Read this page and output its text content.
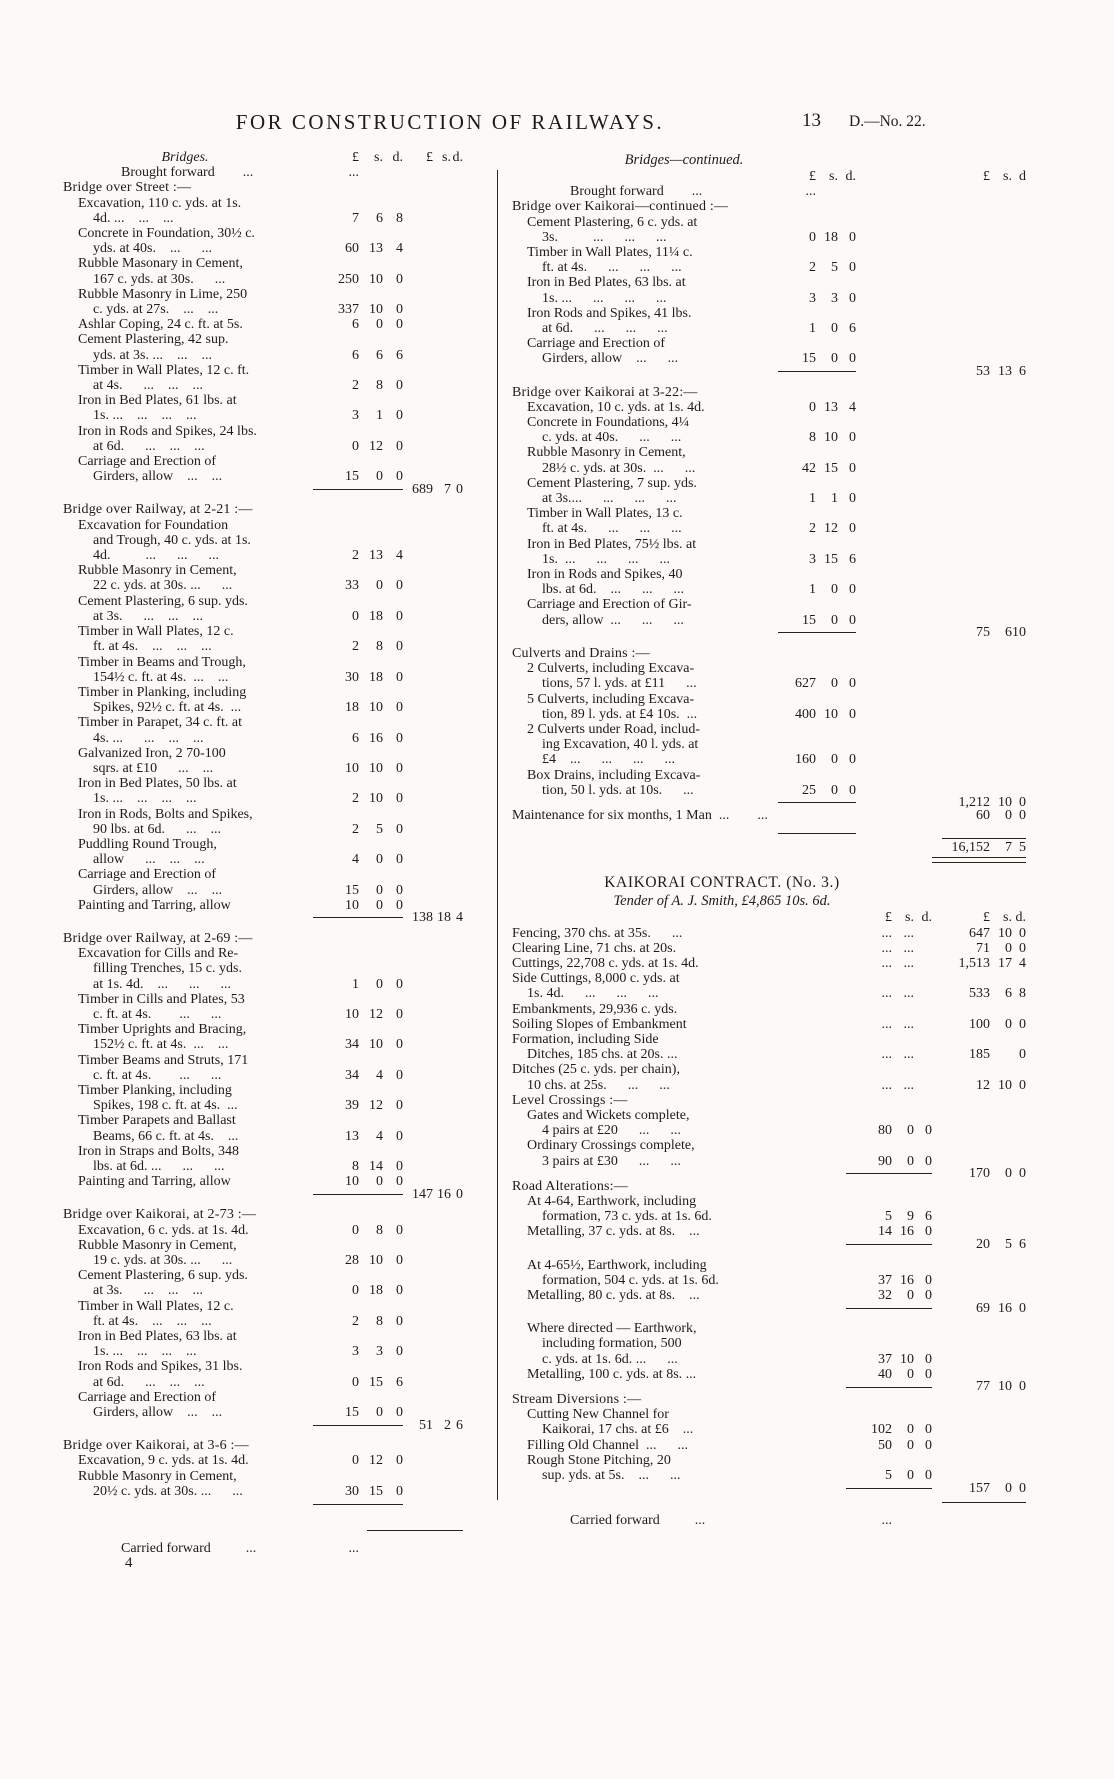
FOR CONSTRUCTION OF RAILWAYS.	13 D.—No. 22.
Bridges.	£	s. d.	£ s. d.
Brought forward  ...	...
Bridge over Street :—
Excavation, 110 c. yds. at 1s.
4d. ...  ...  ...	7	6 8
Concrete in Foundation, 30½ c.
yds. at 40s. ...  ...	60 13 4
Rubble Masonary in Cement,
167 c. yds. at 30s.  ...	250 10 0
Rubble Masonry in Lime, 250
c. yds. at 27s. ... ...	337 10 0
Ashlar Coping, 24 c. ft. at 5s.	6	0 0
Cement Plastering, 42 sup.
yds. at 3s. ... ... ...	6	6 6
Timber in Wall Plates, 12 c. ft.
at 4s.  ... ... ...	2	8 0
Iron in Bed Plates, 61 lbs. at
1s. ... ... ... ...	3	1 0
Iron in Rods and Spikes, 24 lbs.
at 6d.  ... ... ...	0 12 0
Carriage and Erection of
Girders, allow ... ...	15	0 0
689 7 0
Bridge over Railway, at 2-21 :—
Excavation for Foundation
and Trough, 40 c. yds. at 1s.
4d.   ...  ...  ...	2 13 4
Rubble Masonry in Cement,
22 c. yds. at 30s. ...  ...	33	0 0
Cement Plastering, 6 sup. yds.
at 3s.  ... ... ...	0 18 0
Timber in Wall Plates, 12 c.
ft. at 4s. ... ... ...	2	8 0
Timber in Beams and Trough,
154½ c. ft. at 4s. ... ...	30 18 0
Timber in Planking, including
Spikes, 92½ c. ft. at 4s. ...	18 10 0
Timber in Parapet, 34 c. ft. at
4s. ...  ... ... ...	6 16 0
Galvanized Iron, 2 70-100
sqrs. at £10  ... ...	10 10 0
Iron in Bed Plates, 50 lbs. at
1s. ... ... ... ...	2 10 0
Iron in Rods, Bolts and Spikes,
90 lbs. at 6d.  ... ...	2	5 0
Puddling Round Trough,
allow  ... ... ...	4	0 0
Carriage and Erection of
Girders, allow ... ...	15	0 0
Painting and Tarring, allow	10	0 0
138 18 4
Bridge over Railway, at 2-69 :—
Excavation for Cills and Re-
filling Trenches, 15 c. yds.
at 1s. 4d. ...  ...  ...	1	0 0
Timber in Cills and Plates, 53
c. ft. at 4s.  ...  ...	10 12 0
Timber Uprights and Bracing,
152½ c. ft. at 4s. ... ...	34 10 0
Timber Beams and Struts, 171
c. ft. at 4s.  ...  ...	34	4 0
Timber Planking, including
Spikes, 198 c. ft. at 4s. ...	39 12 0
Timber Parapets and Ballast
Beams, 66 c. ft. at 4s. ...	13	4 0
Iron in Straps and Bolts, 348
lbs. at 6d. ...  ...  ...	8 14 0
Painting and Tarring, allow	10	0 0
147 16 0
Bridge over Kaikorai, at 2-73 :—
Excavation, 6 c. yds. at 1s. 4d.	0	8 0
Rubble Masonry in Cement,
19 c. yds. at 30s. ...  ...	28 10 0
Cement Plastering, 6 sup. yds.
at 3s.  ... ... ...	0 18 0
Timber in Wall Plates, 12 c.
ft. at 4s. ... ... ...	2	8 0
Iron in Bed Plates, 63 lbs. at
1s. ... ... ... ...	3	3 0
Iron Rods and Spikes, 31 lbs.
at 6d.  ... ... ...	0 15 6
Carriage and Erection of
Girders, allow ... ...	15	0 0
51 2 6
Bridge over Kaikorai, at 3-6 :—
Excavation, 9 c. yds. at 1s. 4d.	0 12 0
Rubble Masonry in Cement,
20½ c. yds. at 30s. ...  ...	30 15 0
Carried forward   ...	...
4
Bridges—continued.
£ s. d.	£ s. d
Brought forward  ...	...
Bridge over Kaikorai—continued :—
Cement Plastering, 6 c. yds. at
3s.   ...  ...  ...	0 18 0
Timber in Wall Plates, 11¼ c.
ft. at 4s.  ...  ...  ...	2	5 0
Iron in Bed Plates, 63 lbs. at
1s. ...  ...  ...  ...	3	3 0
Iron Rods and Spikes, 41 lbs.
at 6d.  ...  ...  ...	1	0 6
Carriage and Erection of
Girders, allow ...  ...	15	0 0
53 13 6
Bridge over Kaikorai at 3-22:—
Excavation, 10 c. yds. at 1s. 4d.	0 13 4
Concrete in Foundations, 4¼
c. yds. at 40s.  ...  ...	8 10 0
Rubble Masonry in Cement,
28½ c. yds. at 30s. ...  ...	42 15 0
Cement Plastering, 7 sup. yds.
at 3s....  ...  ...  ...	1	1 0
Timber in Wall Plates, 13 c.
ft. at 4s.  ...  ...  ...	2 12 0
Iron in Bed Plates, 75½ lbs. at
1s. ...  ...  ...  ...	3 15 6
Iron in Rods and Spikes, 40
lbs. at 6d. ...  ...  ...	1	0 0
Carriage and Erection of Gir-
ders, allow ...  ...  ...	15	0 0
75	6 10
Culverts and Drains :—
2 Culverts, including Excava-
tions, 57 l. yds. at £11  ...	627	0 0
5 Culverts, including Excava-
tion, 89 l. yds. at £4 10s. ...	400 10 0
2 Culverts under Road, includ-
ing Excavation, 40 l. yds. at
£4  ...  ...  ...  ...	160	0 0
Box Drains, including Excava-
tion, 50 l. yds. at 10s.  ...	25	0 0
1,212 10 0
Maintenance for six months, 1 Man ...  ...	60	0 0
16,152	7 5
KAIKORAI CONTRACT. (No. 3.)
Tender of A. J. Smith, £4,865 10s. 6d.
£ s. d.	£ s. d.
Fencing, 370 chs. at 35s.  ...	... ...	647 10 0
Clearing Line, 71 chs. at 20s.	... ...	71	0 0
Cuttings, 22,708 c. yds. at 1s. 4d.	... ...	1,513 17 4
Side Cuttings, 8,000 c. yds. at
1s. 4d.  ...  ...  ...	... ...	533	6 8
Embankments, 29,936 c. yds.
Soiling Slopes of Embankment	... ...	100	0 0
Formation, including Side
Ditches, 185 chs. at 20s. ...	... ...	185	0
Ditches (25 c. yds. per chain),
10 chs. at 25s.  ...  ...	... ...	12 10 0
Level Crossings :—
Gates and Wickets complete,
4 pairs at £20  ...  ...	80	0 0
Ordinary Crossings complete,
3 pairs at £30  ...  ...	90	0 0
170	0 0
Road Alterations:—
At 4-64, Earthwork, including
formation, 73 c. yds. at 1s. 6d.	5	9 6
Metalling, 37 c. yds. at 8s.  ...	14 16 0
20	5 6
At 4-65½, Earthwork, including
formation, 504 c. yds. at 1s. 6d.	37 16 0
Metalling, 80 c. yds. at 8s.  ...	32	0 0
69 16 0
Where directed — Earthwork,
including formation, 500
c. yds. at 1s. 6d. ...  ...	37 10 0
Metalling, 100 c. yds. at 8s. ...	40	0 0
77 10 0
Stream Diversions :—
Cutting New Channel for
Kaikorai, 17 chs. at £6  ...	102	0 0
Filling Old Channel ...  ...	50	0 0
Rough Stone Pitching, 20
sup. yds. at 5s. ...  ...	5	0 0
157	0 0
Carried forward   ...	...
